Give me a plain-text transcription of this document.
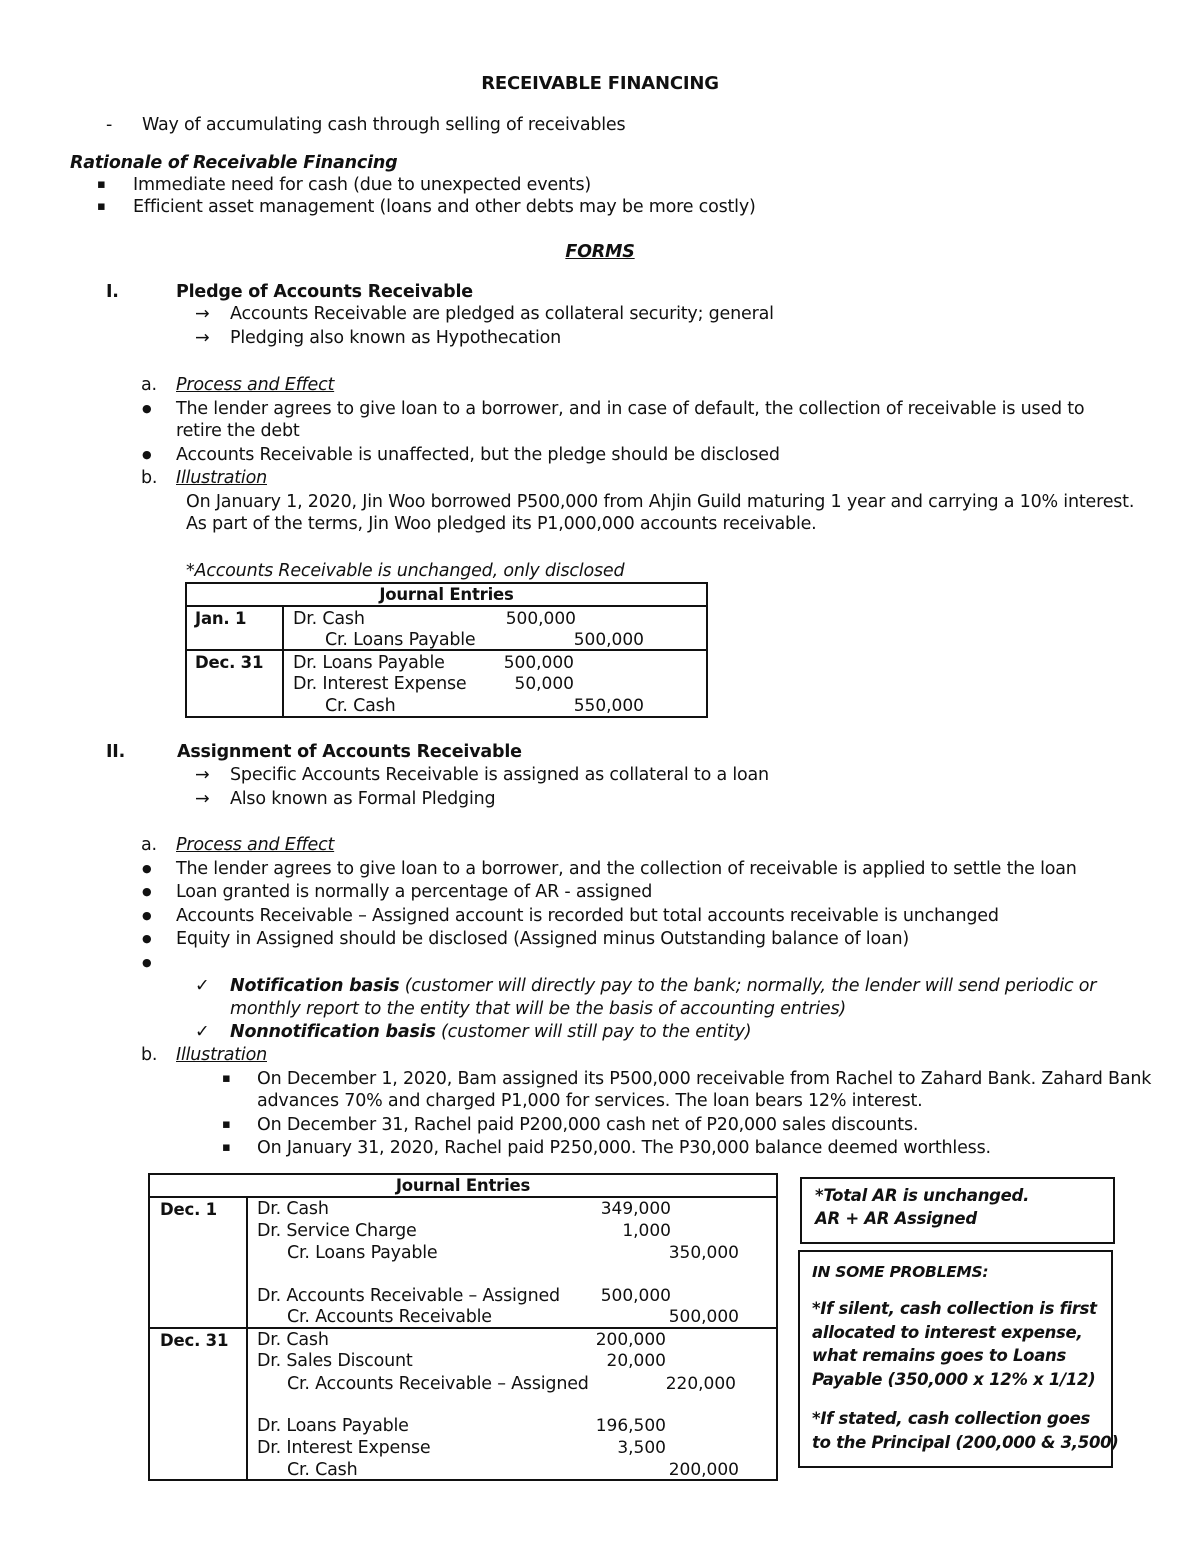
RECEIVABLE FINANCING
- Way of accumulating cash through selling of receivables
Rationale of Receivable Financing
▪ Immediate need for cash (due to unexpected events)
▪ Efficient asset management (loans and other debts may be more costly)
FORMS
I.	Pledge of Accounts Receivable
→ Accounts Receivable are pledged as collateral security; general
→ Pledging also known as Hypothecation
a. Process and Effect
● The lender agrees to give loan to a borrower, and in case of default, the collection of receivable is used to
retire the debt
● Accounts Receivable is unaffected, but the pledge should be disclosed
b. Illustration
On January 1, 2020, Jin Woo borrowed P500,000 from Ahjin Guild maturing 1 year and carrying a 10% interest.
As part of the terms, Jin Woo pledged its P1,000,000 accounts receivable.
*Accounts Receivable is unchanged, only disclosed
Journal Entries
Jan. 1	Dr. Cash	500,000
Cr. Loans Payable	500,000
Dec. 31 Dr. Loans Payable	500,000
Dr. Interest Expense	50,000
Cr. Cash	550,000
II.	Assignment of Accounts Receivable
→ Specific Accounts Receivable is assigned as collateral to a loan
→ Also known as Formal Pledging
a. Process and Effect
● The lender agrees to give loan to a borrower, and the collection of receivable is applied to settle the loan
● Loan granted is normally a percentage of AR - assigned
● Accounts Receivable – Assigned account is recorded but total accounts receivable is unchanged
● Equity in Assigned should be disclosed (Assigned minus Outstanding balance of loan)
●
✓ Notification basis (customer will directly pay to the bank; normally, the lender will send periodic or
monthly report to the entity that will be the basis of accounting entries)
✓ Nonnotification basis (customer will still pay to the entity)
b. Illustration
▪ On December 1, 2020, Bam assigned its P500,000 receivable from Rachel to Zahard Bank. Zahard Bank
advances 70% and charged P1,000 for services. The loan bears 12% interest.
▪ On December 31, Rachel paid P200,000 cash net of P20,000 sales discounts.
▪ On January 31, 2020, Rachel paid P250,000. The P30,000 balance deemed worthless.
Journal Entries
Dec. 1 Dr. Cash	349,000
Dr. Service Charge	1,000
Cr. Loans Payable	350,000
Dr. Accounts Receivable – Assigned	500,000
Cr. Accounts Receivable	500,000
Dec. 31 Dr. Cash	200,000
Dr. Sales Discount	20,000
Cr. Accounts Receivable – Assigned	220,000
Dr. Loans Payable	196,500
Dr. Interest Expense	3,500
Cr. Cash	200,000
*Total AR is unchanged.
AR + AR Assigned
IN SOME PROBLEMS:
*If silent, cash collection is first
allocated to interest expense,
what remains goes to Loans
Payable (350,000 x 12% x 1/12)
*If stated, cash collection goes
to the Principal (200,000 & 3,500)
